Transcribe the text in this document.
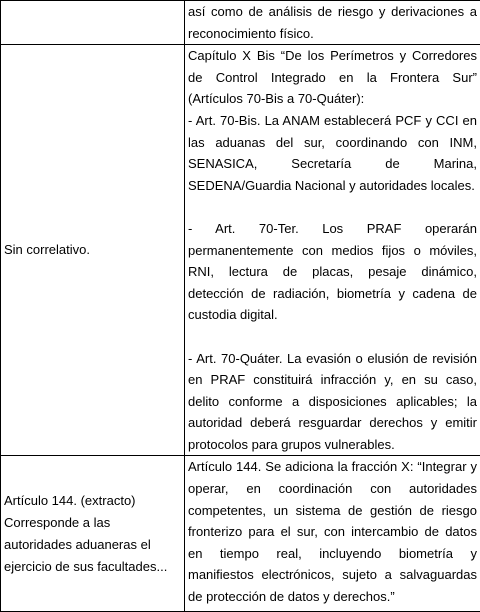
	así como de análisis de riesgo y derivaciones a reconocimiento físico.

Sin correlativo.	Capítulo X Bis “De los Perímetros y Corredores de Control Integrado en la Frontera Sur” (Artículos 70-Bis a 70-Quáter):
- Art. 70-Bis. La ANAM establecerá PCF y CCI en las aduanas del sur, coordinando con INM, SENASICA, Secretaría de Marina, SEDENA/Guardia Nacional y autoridades locales.
- Art. 70-Ter. Los PRAF operarán permanentemente con medios fijos o móviles, RNI, lectura de placas, pesaje dinámico, detección de radiación, biometría y cadena de custodia digital.
- Art. 70-Quáter. La evasión o elusión de revisión en PRAF constituirá infracción y, en su caso, delito conforme a disposiciones aplicables; la autoridad deberá resguardar derechos y emitir protocolos para grupos vulnerables.

Artículo 144. (extracto)
Corresponde a las autoridades aduaneras el ejercicio de sus facultades...	Artículo 144. Se adiciona la fracción X: “Integrar y operar, en coordinación con autoridades competentes, un sistema de gestión de riesgo fronterizo para el sur, con intercambio de datos en tiempo real, incluyendo biometría y manifiestos electrónicos, sujeto a salvaguardas de protección de datos y derechos.”
